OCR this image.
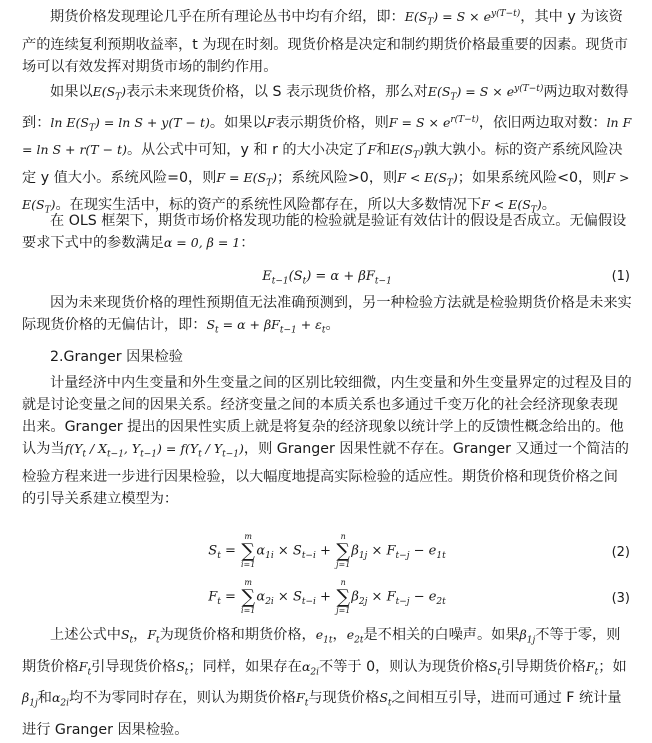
期货价格发现理论几乎在所有理论丛书中均有介绍，即：$E(S_T) = S \times e^{y(T-t)}$，其中 y 为该资产的连续复利预期收益率，t 为现在时刻。现货价格是决定和制约期货价格最重要的因素。现货市场可以有效发挥对期货市场的制约作用。

如果以$E(S_T)$表示未来现货价格，以 S 表示现货价格，那么对$E(S_T) = S \times e^{y(T-t)}$两边取对数得到：$\ln E(S_T) = \ln S + y(T - t)$。如果以F表示期货价格，则$F = S \times e^{r(T-t)}$，依旧两边取对数：ln F = ln S + r(T − t)。从公式中可知，y 和 r 的大小决定了F和$E(S_T)$孰大孰小。标的资产系统风险决定 y 值大小。系统风险=0，则$F = E(S_T)$；系统风险>0，则$F < E(S_T)$；如果系统风险<0，则$F > E(S_T)$。在现实生活中，标的资产的系统性风险都存在，所以大多数情况下$F < E(S_T)$。

在 OLS 框架下，期货市场价格发现功能的检验就是验证有效估计的假设是否成立。无偏假设要求下式中的参数满足α = 0, β = 1：

$E_{t-1}(S_t) = \alpha + \beta F_{t-1}$	(1)

因为未来现货价格的理性预期值无法准确预测到，另一种检验方法就是检验期货价格是未来实际现货价格的无偏估计，即：$S_t = \alpha + \beta F_{t-1} + \varepsilon_t$。

2.Granger 因果检验

计量经济中内生变量和外生变量之间的区别比较细微，内生变量和外生变量界定的过程及目的就是讨论变量之间的因果关系。经济变量之间的本质关系也多通过千变万化的社会经济现象表现出来。Granger 提出的因果性实质上就是将复杂的经济现象以统计学上的反馈性概念给出的。他认为当$f(Y_t / X_{t-1}$, $Y_{t-1}) = f(Y_t / Y_{t-1})$，则 Granger 因果性就不存在。Granger 又通过一个简洁的检验方程来进一步进行因果检验，以大幅度地提高实际检验的适应性。期货价格和现货价格之间的引导关系建立模型为：

$S_t$ =
m
∑
i=1
$\alpha_{1i} \times S_{t-i}$ +
n
∑
j=1
$\beta_{1j} \times F_{t-j} - e_{1t}$	(2)
$F_t$ =
m
∑
i=1
$\alpha_{2i} \times S_{t-i}$ +
n
∑
j=1
$\beta_{2j} \times F_{t-j} - e_{2t}$	(3)

上述公式中$S_t$，$F_t$为现货价格和期货价格，$e_{1t}$，$e_{2t}$是不相关的白噪声。如果$\beta_{1j}$不等于零，则期货价格$F_t$引导现货价格$S_t$；同样，如果存在$\alpha_{2i}$不等于 0，则认为现货价格$S_t$引导期货价格$F_t$；如$\beta_{1j}$和$\alpha_{2i}$均不为零同时存在，则认为期货价格$F_t$与现货价格$S_t$之间相互引导，进而可通过 F 统计量进行 Granger 因果检验。
